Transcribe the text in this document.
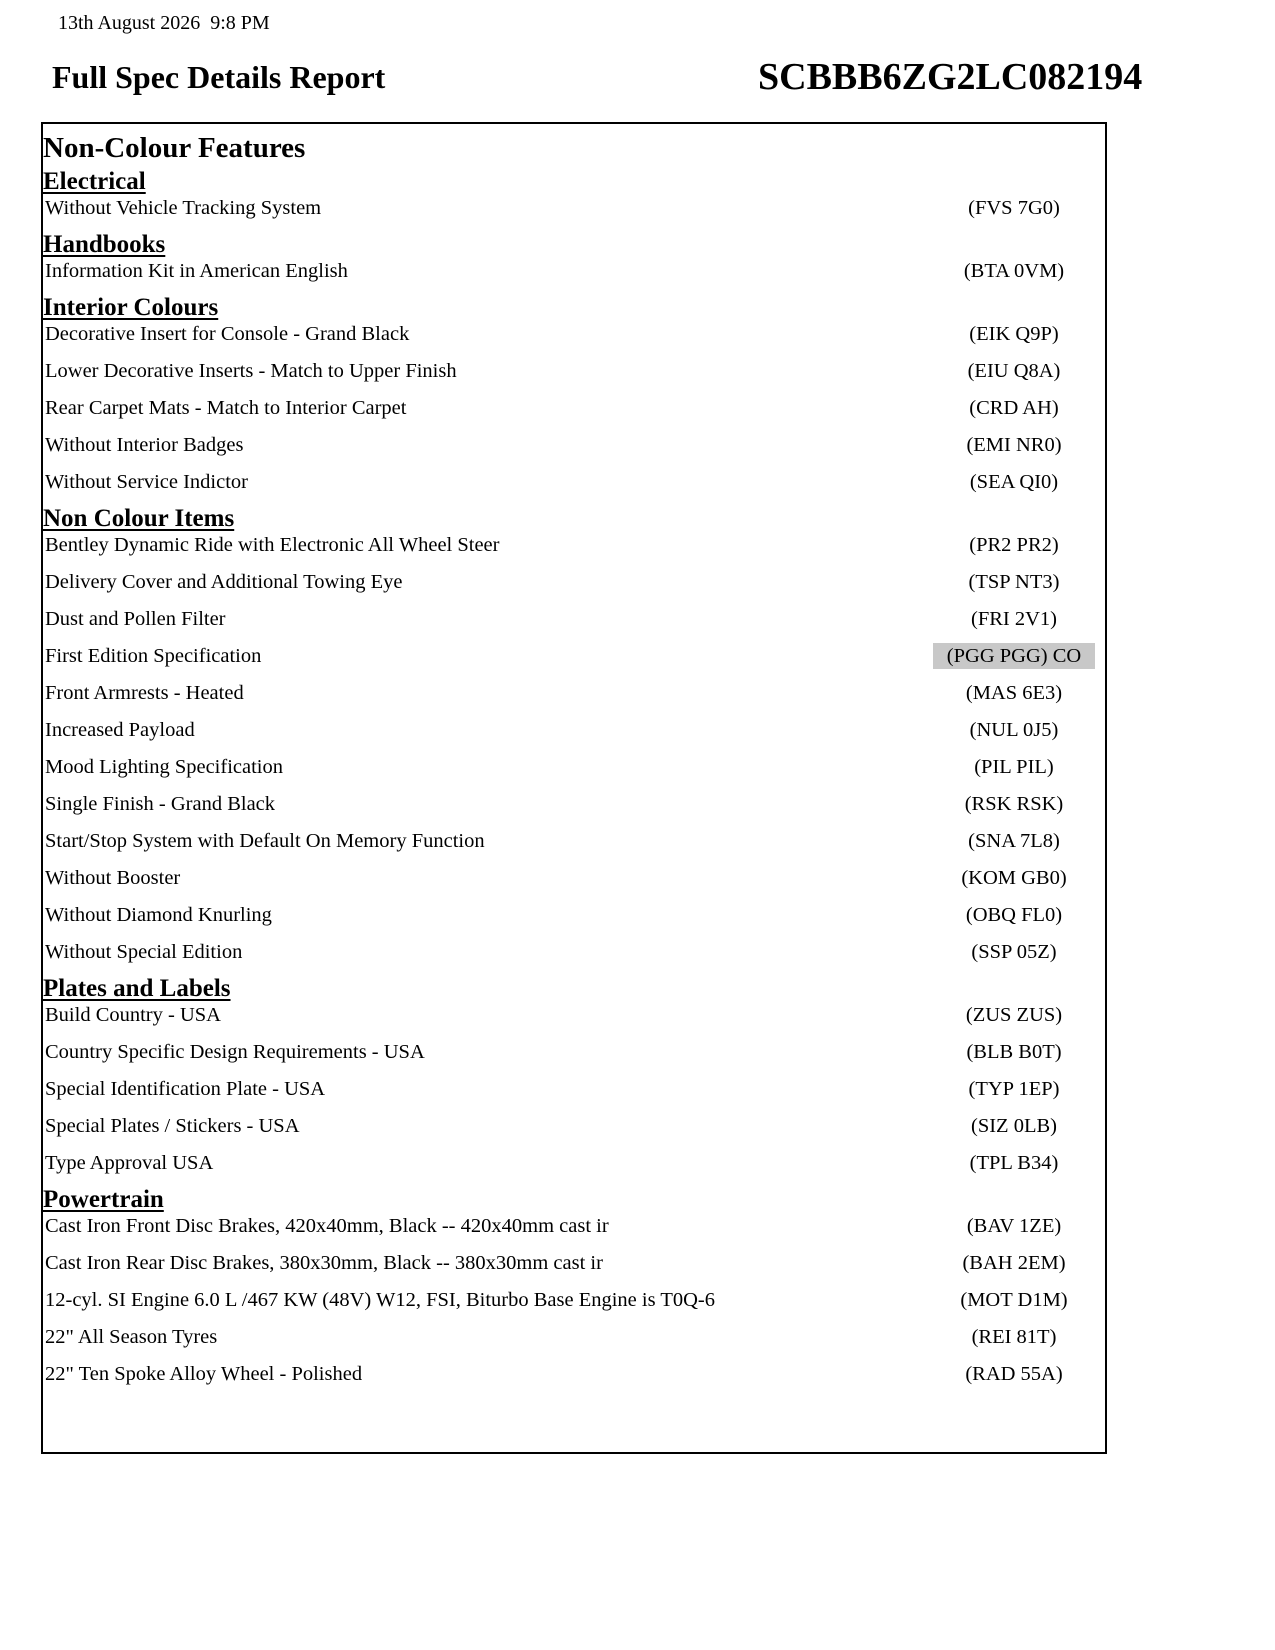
13th August 2026  9:8 PM
Full Spec Details Report	SCBBB6ZG2LC082194
Non-Colour Features
Electrical
Without Vehicle Tracking System	(FVS 7G0)
Handbooks
Information Kit in American English	(BTA 0VM)
Interior Colours
Decorative Insert for Console - Grand Black	(EIK Q9P)
Lower Decorative Inserts - Match to Upper Finish	(EIU Q8A)
Rear Carpet Mats - Match to Interior Carpet	(CRD AH)
Without Interior Badges	(EMI NR0)
Without Service Indictor	(SEA QI0)
Non Colour Items
Bentley Dynamic Ride with Electronic All Wheel Steer	(PR2 PR2)
Delivery Cover and Additional Towing Eye	(TSP NT3)
Dust and Pollen Filter	(FRI 2V1)
First Edition Specification	(PGG PGG) CO
Front Armrests - Heated	(MAS 6E3)
Increased Payload	(NUL 0J5)
Mood Lighting Specification	(PIL PIL)
Single Finish - Grand Black	(RSK RSK)
Start/Stop System with Default On Memory Function	(SNA 7L8)
Without Booster	(KOM GB0)
Without Diamond Knurling	(OBQ FL0)
Without Special Edition	(SSP 05Z)
Plates and Labels
Build Country - USA	(ZUS ZUS)
Country Specific Design Requirements - USA	(BLB B0T)
Special Identification Plate - USA	(TYP 1EP)
Special Plates / Stickers - USA	(SIZ 0LB)
Type Approval USA	(TPL B34)
Powertrain
Cast Iron Front Disc Brakes, 420x40mm, Black -- 420x40mm cast ir	(BAV 1ZE)
Cast Iron Rear Disc Brakes, 380x30mm, Black -- 380x30mm cast ir	(BAH 2EM)
12-cyl. SI Engine 6.0 L /467 KW (48V) W12, FSI, Biturbo Base Engine is T0Q-6	(MOT D1M)
22" All Season Tyres	(REI 81T)
22" Ten Spoke Alloy Wheel - Polished	(RAD 55A)
